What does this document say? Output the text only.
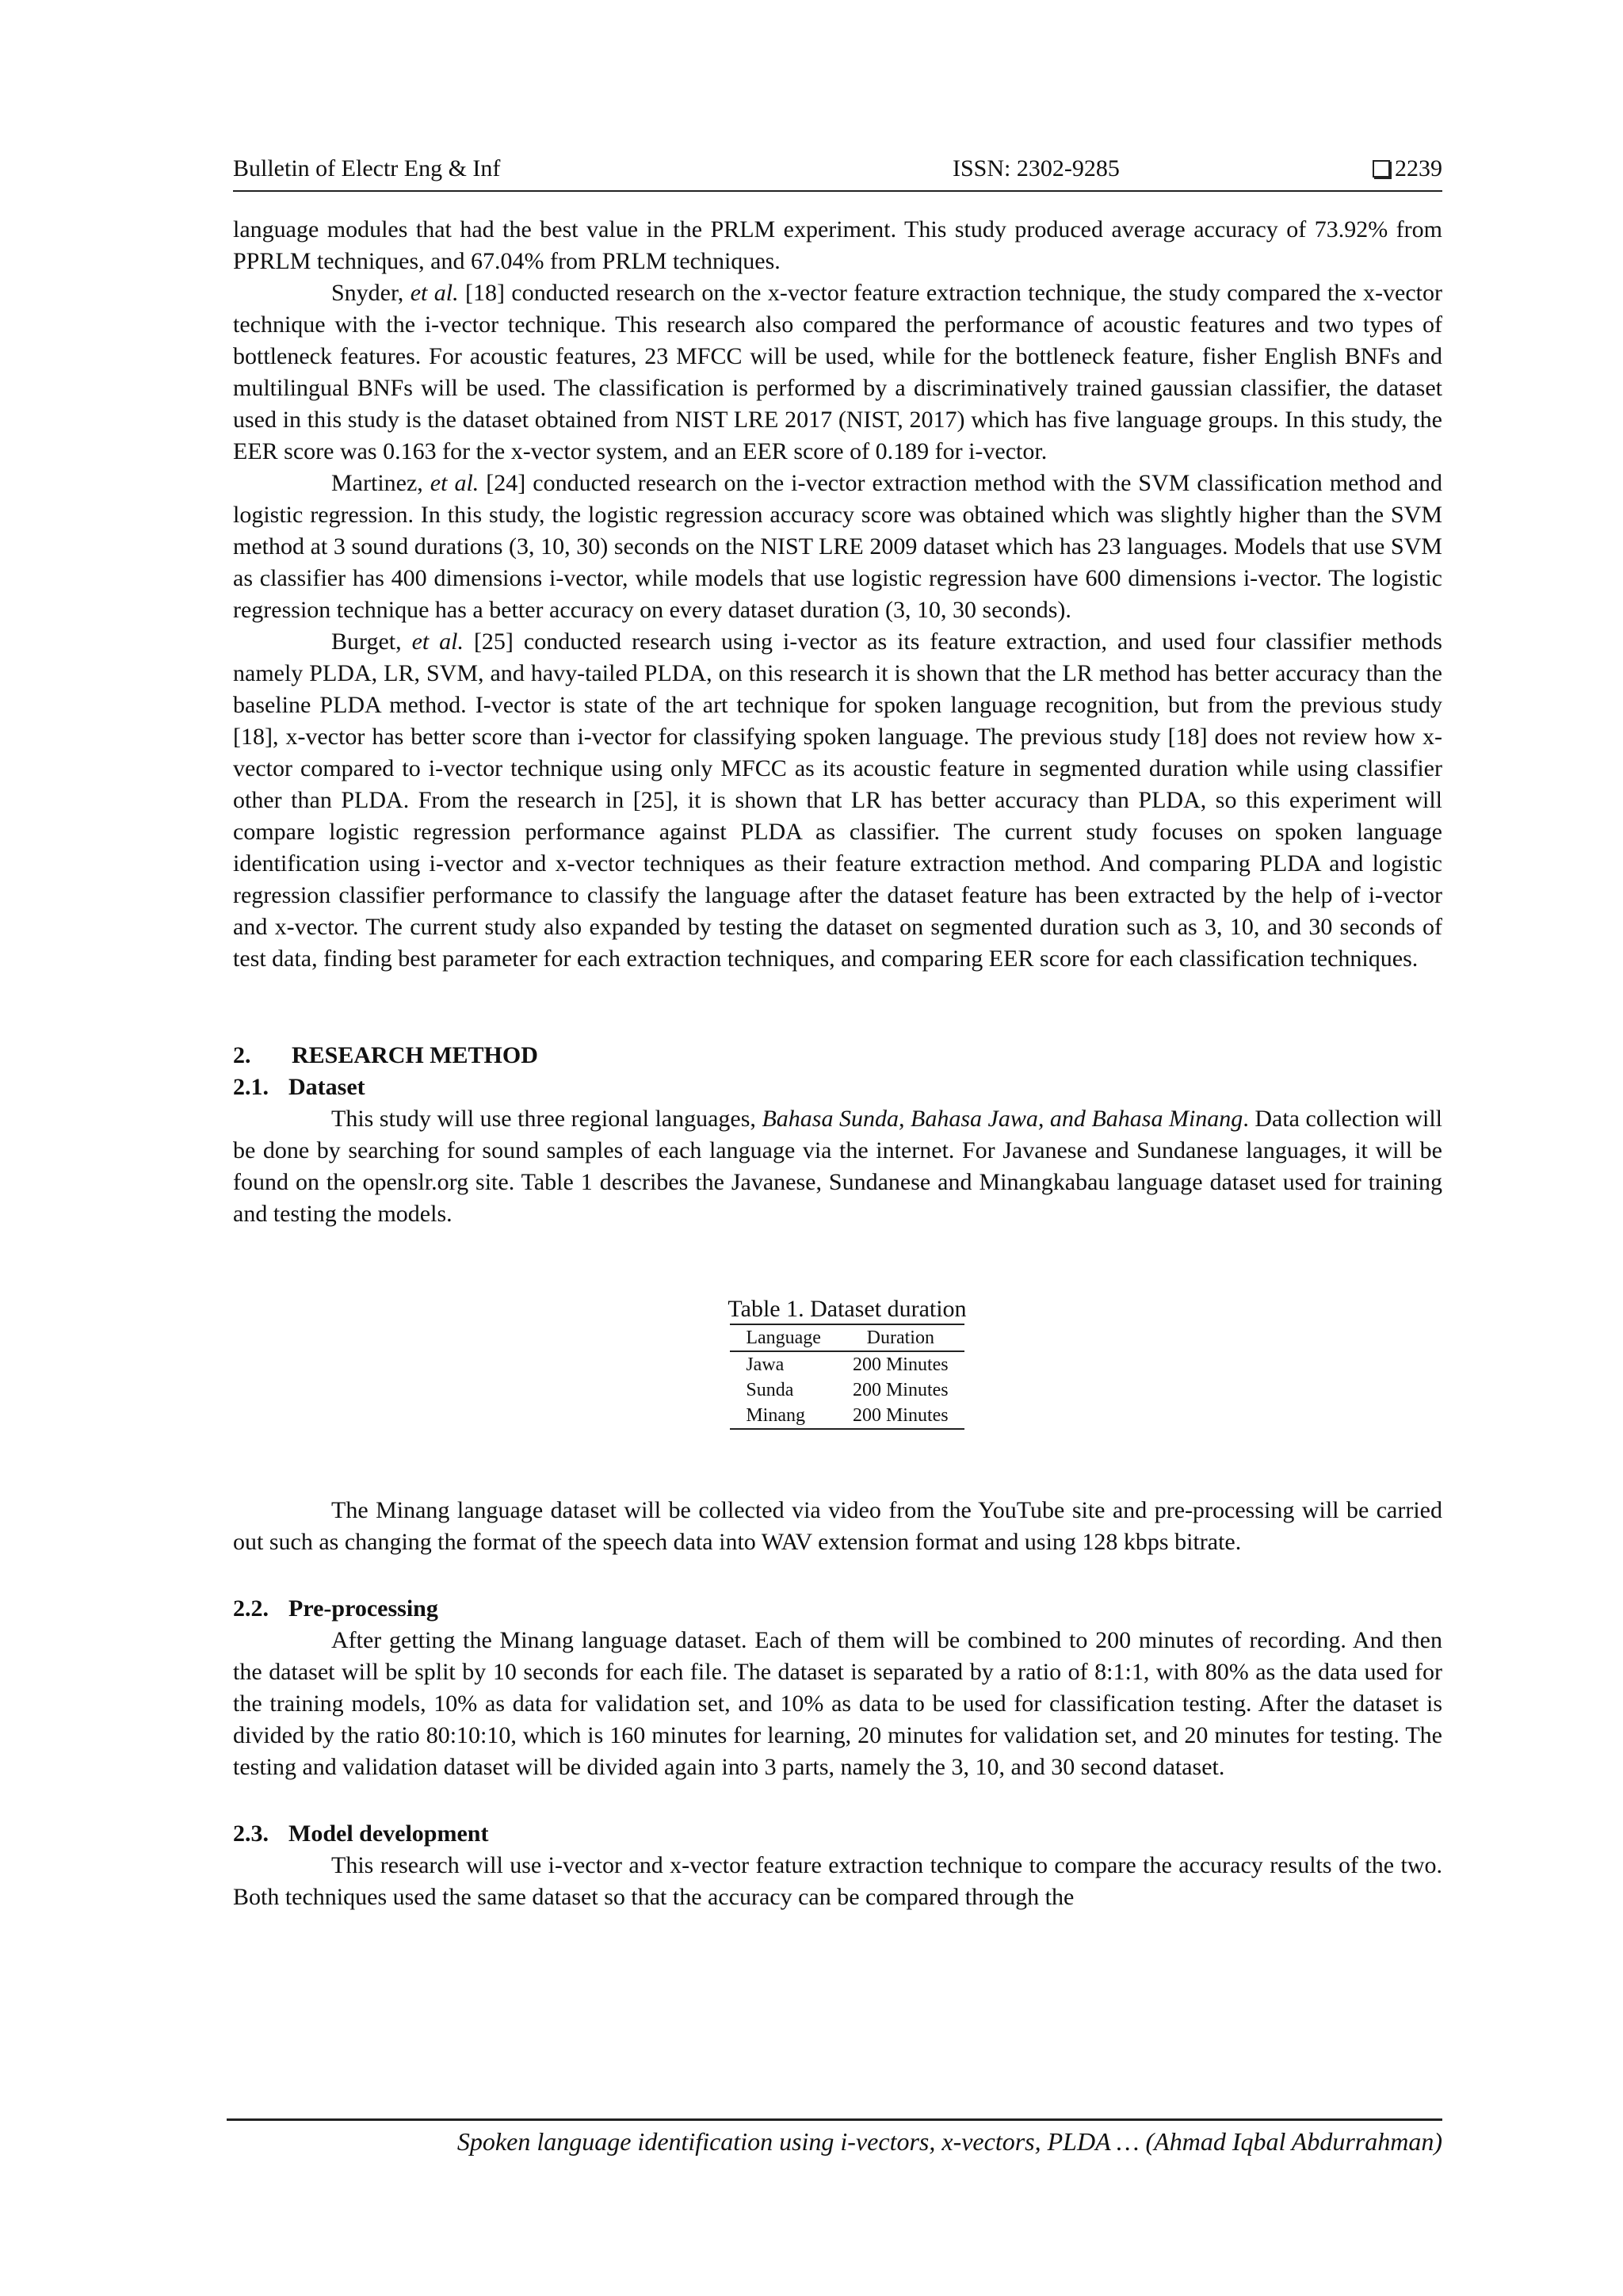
Bulletin of Electr Eng & Inf	ISSN: 2302-9285	2239

language modules that had the best value in the PRLM experiment. This study produced average accuracy of 73.92% from PPRLM techniques, and 67.04% from PRLM techniques.

Snyder, et al. [18] conducted research on the x-vector feature extraction technique, the study compared the x-vector technique with the i-vector technique. This research also compared the performance of acoustic features and two types of bottleneck features. For acoustic features, 23 MFCC will be used, while for the bottleneck feature, fisher English BNFs and multilingual BNFs will be used. The classification is performed by a discriminatively trained gaussian classifier, the dataset used in this study is the dataset obtained from NIST LRE 2017 (NIST, 2017) which has five language groups. In this study, the EER score was 0.163 for the x-vector system, and an EER score of 0.189 for i-vector.

Martinez, et al. [24] conducted research on the i-vector extraction method with the SVM classification method and logistic regression. In this study, the logistic regression accuracy score was obtained which was slightly higher than the SVM method at 3 sound durations (3, 10, 30) seconds on the NIST LRE 2009 dataset which has 23 languages. Models that use SVM as classifier has 400 dimensions i-vector, while models that use logistic regression have 600 dimensions i-vector. The logistic regression technique has a better accuracy on every dataset duration (3, 10, 30 seconds).

Burget, et al. [25] conducted research using i-vector as its feature extraction, and used four classifier methods namely PLDA, LR, SVM, and havy-tailed PLDA, on this research it is shown that the LR method has better accuracy than the baseline PLDA method. I-vector is state of the art technique for spoken language recognition, but from the previous study [18], x-vector has better score than i-vector for classifying spoken language. The previous study [18] does not review how x-vector compared to i-vector technique using only MFCC as its acoustic feature in segmented duration while using classifier other than PLDA. From the research in [25], it is shown that LR has better accuracy than PLDA, so this experiment will compare logistic regression performance against PLDA as classifier. The current study focuses on spoken language identification using i-vector and x-vector techniques as their feature extraction method. And comparing PLDA and logistic regression classifier performance to classify the language after the dataset feature has been extracted by the help of i-vector and x-vector. The current study also expanded by testing the dataset on segmented duration such as 3, 10, and 30 seconds of test data, finding best parameter for each extraction techniques, and comparing EER score for each classification techniques.

2. RESEARCH METHOD
2.1. Dataset

This study will use three regional languages, Bahasa Sunda, Bahasa Jawa, and Bahasa Minang. Data collection will be done by searching for sound samples of each language via the internet. For Javanese and Sundanese languages, it will be found on the openslr.org site. Table 1 describes the Javanese, Sundanese and Minangkabau language dataset used for training and testing the models.

Table 1. Dataset duration
Language	Duration
Jawa	200 Minutes
Sunda	200 Minutes
Minang	200 Minutes

The Minang language dataset will be collected via video from the YouTube site and pre-processing will be carried out such as changing the format of the speech data into WAV extension format and using 128 kbps bitrate.

2.2. Pre-processing

After getting the Minang language dataset. Each of them will be combined to 200 minutes of recording. And then the dataset will be split by 10 seconds for each file. The dataset is separated by a ratio of 8:1:1, with 80% as the data used for the training models, 10% as data for validation set, and 10% as data to be used for classification testing. After the dataset is divided by the ratio 80:10:10, which is 160 minutes for learning, 20 minutes for validation set, and 20 minutes for testing. The testing and validation dataset will be divided again into 3 parts, namely the 3, 10, and 30 second dataset.

2.3. Model development

This research will use i-vector and x-vector feature extraction technique to compare the accuracy results of the two. Both techniques used the same dataset so that the accuracy can be compared through the

Spoken language identification using i-vectors, x-vectors, PLDA … (Ahmad Iqbal Abdurrahman)
